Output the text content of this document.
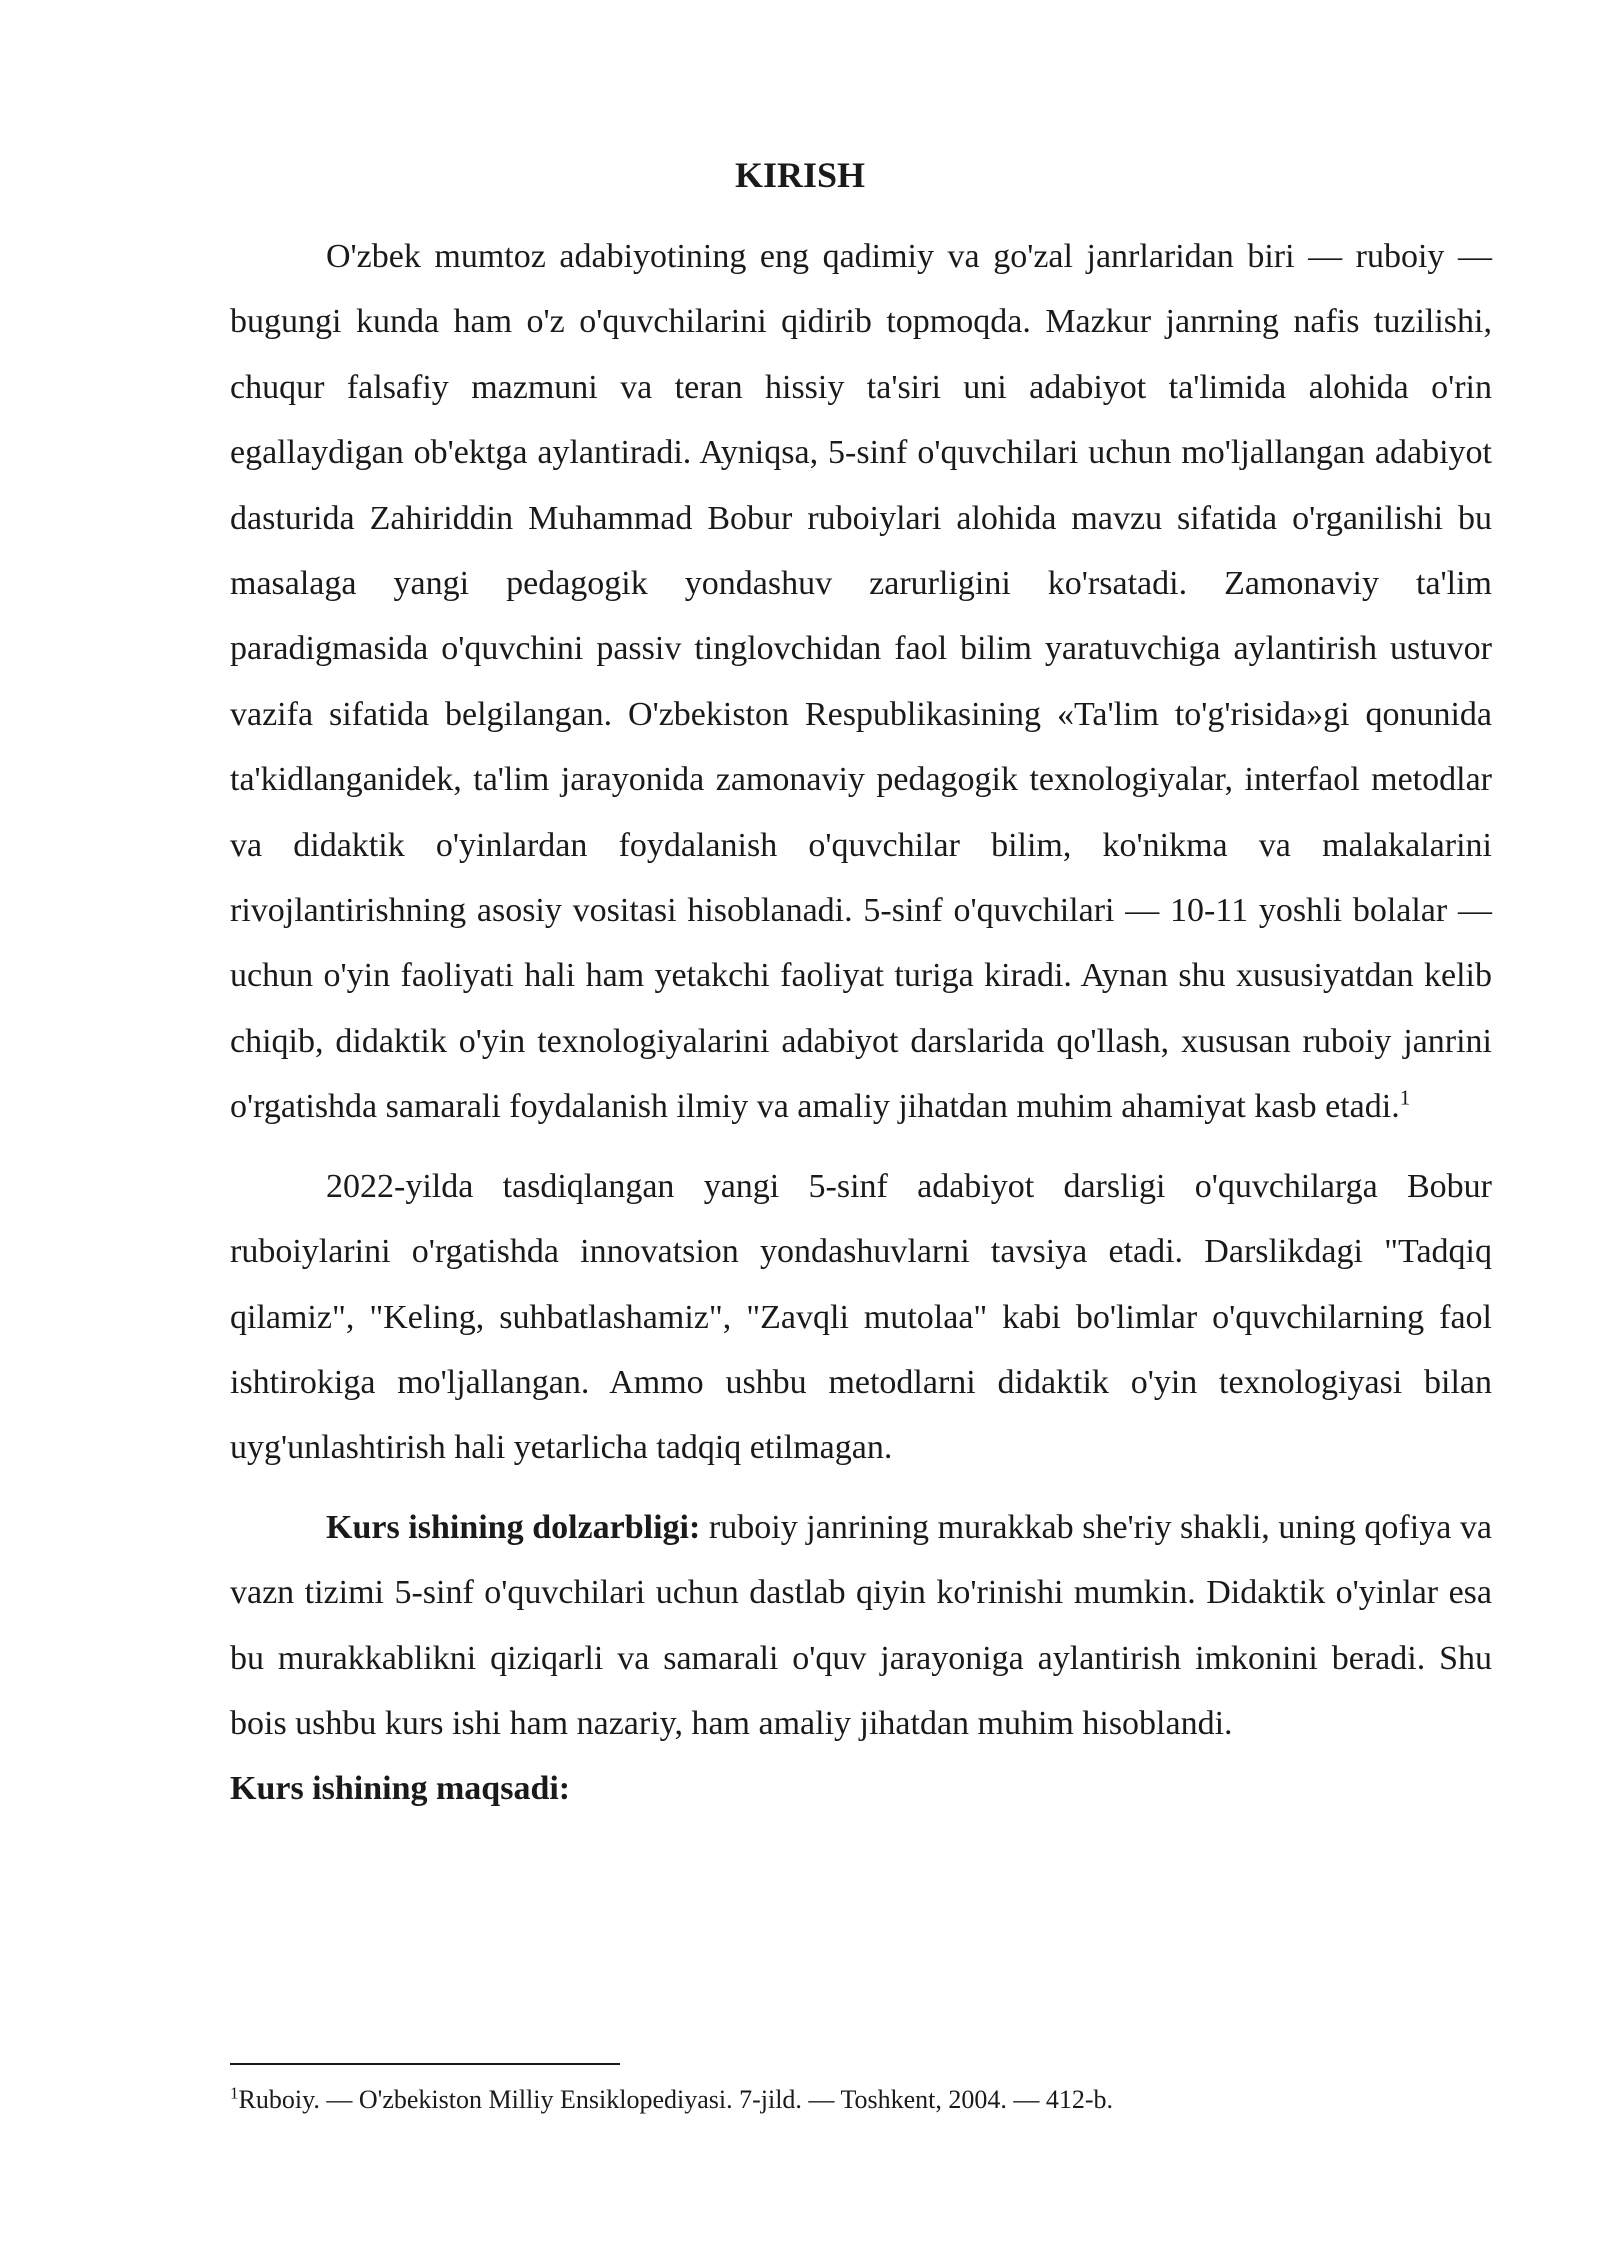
KIRISH

O'zbek mumtoz adabiyotining eng qadimiy va go'zal janrlaridan biri — ruboiy — bugungi kunda ham o'z o'quvchilarini qidirib topmoqda. Mazkur janrning nafis tuzilishi, chuqur falsafiy mazmuni va teran hissiy ta'siri uni adabiyot ta'limida alohida o'rin egallaydigan ob'ektga aylantiradi. Ayniqsa, 5-sinf o'quvchilari uchun mo'ljallangan adabiyot dasturida Zahiriddin Muhammad Bobur ruboiylari alohida mavzu sifatida o'rganilishi bu masalaga yangi pedagogik yondashuv zarurligini ko'rsatadi. Zamonaviy ta'lim paradigmasida o'quvchini passiv tinglovchidan faol bilim yaratuvchiga aylantirish ustuvor vazifa sifatida belgilangan. O'zbekiston Respublikasining «Ta'lim to'g'risida»gi qonunida ta'kidlanganidek, ta'lim jarayonida zamonaviy pedagogik texnologiyalar, interfaol metodlar va didaktik o'yinlardan foydalanish o'quvchilar bilim, ko'nikma va malakalarini rivojlantirishning asosiy vositasi hisoblanadi. 5-sinf o'quvchilari — 10-11 yoshli bolalar — uchun o'yin faoliyati hali ham yetakchi faoliyat turiga kiradi. Aynan shu xususiyatdan kelib chiqib, didaktik o'yin texnologiyalarini adabiyot darslarida qo'llash, xususan ruboiy janrini o'rgatishda samarali foydalanish ilmiy va amaliy jihatdan muhim ahamiyat kasb etadi.$^1$

2022-yilda tasdiqlangan yangi 5-sinf adabiyot darsligi o'quvchilarga Bobur ruboiylarini o'rgatishda innovatsion yondashuvlarni tavsiya etadi. Darslikdagi "Tadqiq qilamiz", "Keling, suhbatlashamiz", "Zavqli mutolaa" kabi bo'limlar o'quvchilarning faol ishtirokiga mo'ljallangan. Ammo ushbu metodlarni didaktik o'yin texnologiyasi bilan uyg'unlashtirish hali yetarlicha tadqiq etilmagan.

Kurs ishining dolzarbligi: ruboiy janrining murakkab she'riy shakli, uning qofiya va vazn tizimi 5-sinf o'quvchilari uchun dastlab qiyin ko'rinishi mumkin. Didaktik o'yinlar esa bu murakkablikni qiziqarli va samarali o'quv jarayoniga aylantirish imkonini beradi. Shu bois ushbu kurs ishi ham nazariy, ham amaliy jihatdan muhim hisoblandi.

Kurs ishining maqsadi:

$^1$Ruboiy. — O'zbekiston Milliy Ensiklopediyasi. 7-jild. — Toshkent, 2004. — 412-b.
